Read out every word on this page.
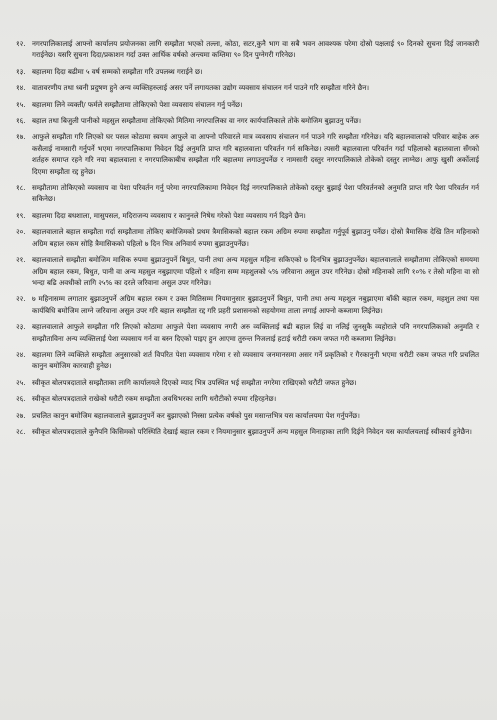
१२. नगरपालिकालाई आफ्नो कार्यालय प्रयोजनका लागि सम्झौता भएको तल्ला, कोठा, सटर,कुनै भाग वा सबै भवन आवश्यक परेमा दोस्रो पक्षलाई ९० दिनको सुचना दिई जानकारी गराईनेछ। यसरि सुचना दिदा/प्रकाशन गर्दा उक्त आर्थिक वर्षको अन्त्यमा कम्तिमा ९० दिन पुग्नेगरी गरिनेछ।
१३. बहालमा दिदा बढीमा ५ वर्ष सम्मको सम्झौता गरि उपलब्ध गराईने छ।
१४. वातावरणीय तथा ध्वनी प्रदुषण हुने अन्य व्यक्तिहरुलाई असर पर्ने लगायतका उद्योग व्यवसाय संचालन गर्न पाउने गरि सम्झौता गरिने छैन।
१५. बहालमा लिने व्यक्ती/ फर्मले सम्झौतामा तोकिएको पेशा व्यवसाय संचालन गर्नु पर्नेछ।
१६. बहाल तथा बिजुली पानीको महसुल सम्झौतामा तोकिएको मितिमा नगरपालिका वा नगर कार्यपालिकाले तोके बमोजिम बुझाउनु पर्नेछ।
१७. आफुले सम्झौता गरि लिएको घर पसल कोठामा स्वयम आफुले वा आफ्नो परिवारले मात्र व्यवसाय संचालन गर्न पाउने गरि सम्झौता गरिनेछ। यदि बहालवालाको परिवार बाहेक अरु कसैलाई नामसारी गर्नुपर्ने भएमा नगरपालिकामा निवेदन दिई अनुमति प्राप्त गरि बहालवाला परिवर्तन गर्न सकिनेछ। त्यसरी बहालवाला परिवर्तन गर्दा पहिलाको बहालवाला सँगको शर्तहरु समाप्त रहने गरि नया बहालवाला र नगरपालिकाबीच सम्झौता गरि बहालमा लगाउनुपर्नेछ र नामसारी दस्तुर नगरपालिकाले तोकेको दस्तुर लाग्नेछ। आफु खुसी अर्कोलाई दिएमा सम्झौता रद्द हुनेछ।
१८. सम्झौतामा तोकिएको व्यवसाय वा पेशा परिवर्तन गर्नु परेमा नगरपालिकामा निवेदन दिई नगरपालिकाले तोकेको दस्तुर बुझाई पेशा परिवर्तनको अनुमति प्राप्त गरि पेशा परिवर्तन गर्न सकिनेछ।
१९. बहालमा दिदा बधशाला, मासुपसल, मदिराजन्य व्यवसाय र कानुनले निषेध गरेको पेशा व्यवसाय गर्न दिइने छैन।
२०. बहालवालाले बहाल सम्झौता गर्दा सम्झौतामा तोकिए बमोजिमको प्रथम त्रैमासिकको बहाल रकम अग्रिम रुपमा सम्झौता गर्नुपूर्व बुझाउनु पर्नेछ। दोस्रो त्रैमासिक देखि तिन महिनाको अग्रिम बहाल रकम सोहि त्रैमासिकको पहिलो ७ दिन भित्र अनिवार्य रुपमा बुझाउनुपर्नेछ।
२१. बहालवालाले सम्झौता बमोजिम मासिक रुपमा बुझाउनुपर्ने बिधुत, पानी तथा अन्य महसुल महिना सकिएको ७ दिनभित्र बुझाउनुपर्नेछ। बहालवालाले सम्झौतामा तोकिएको समयमा अग्रिम बहाल रकम, बिधुत, पानी वा अन्य महसुल नबुझाएमा पहिलो १ महिना सम्म महशुलको ५% जरिवाना असुल उपर गरिनेछ। दोस्रो महिनाको लागि १०% र तेस्रो महिना वा सो भन्दा बढि अवधीको लागि २५% का दरले जरिवाना असुल उपर गरिनेछ।
२२. ७ महिनासम्म लगातार बुझाउनुपर्ने अग्रिम बहाल रकम र उक्त मितिसम्म नियमानुसार बुझाउनुपर्ने बिधुत, पानी तथा अन्य महशुल नबुझाएमा बाँकी बहाल रकम, महशुल तथा यस कार्यबिधि बमोजिम लाग्ने जरिवाना असुल उपर गरि बहाल सम्झौता रद्द गरि प्रहरी प्रशासनको सहयोगमा ताला लगाई आफ्नो कब्जामा लिईनेछ।
२३. बहालवालाले आफुले सम्झौता गरि लिएको कोठामा आफुले पेशा व्यवसाय नगरी अरु व्यक्तिलाई बढी बहाल लिई वा नलिई जुनसुकै व्यहोराले पनि नगरपालिकाको अनुमति र सम्झौताविना अन्य व्यक्तिलाई पेशा व्यवसाय गर्न वा बस्न दिएको पाइए हुन आएमा तुरुन्त निजलाई हटाई धरौटी रकम जफत गरी कब्जामा लिईनेछ।
२४. बहालमा लिने व्यक्तिले सम्झौता अनुसारको शर्त विपरित पेशा व्यवसाय गरेमा र सो व्यवसाय जनमानसमा असर गर्ने प्रकृतिको र गैरकानुनी भएमा धरौटी रकम जफत गरि प्रचलित कानुन बमोजिम कारवाही हुनेछ।
२५. स्वीकृत बोलपत्रदाताले सम्झौताका लागि कार्यालयले दिएको म्याद भित्र उपस्थित भई सम्झौता नगरेमा राखिएको धरौटी जफत हुनेछ।
२६. स्वीकृत बोलपत्रदाताले राखेको धरौटी रकम सम्झौता अवधिभरका लागि धरौटीको रुपमा रहिरहनेछ।
२७. प्रचलित कानुन बमोजिम बहालवालाले बुझाउनुपर्ने कर बुझाएको निस्सा प्रत्येक वर्षको पुस मसान्तभित्र यस कार्यालयमा पेश गर्नुपर्नेछ।
२८. स्वीकृत बोलपत्रदाताले कुनैपनि किसिमको परिस्थिति देखाई बहाल रकम र नियमानुसार बुझाउनुपर्ने अन्य महसुल मिनाहाका लागि दिईने निवेदन यस कार्यालयलाई स्वीकार्य हुनेछैन।
